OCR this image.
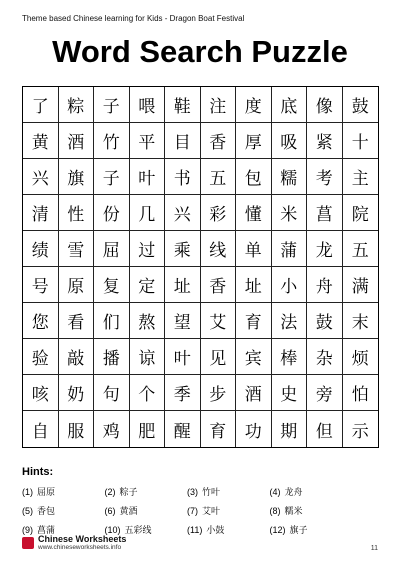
Theme based Chinese learning for Kids - Dragon Boat Festival
Word Search Puzzle
了	粽	子	喂	鞋	注	度	底	像	鼓
黄	酒	竹	平	目	香	厚	吸	紧	十
兴	旗	子	叶	书	五	包	糯	考	主
清	性	份	几	兴	彩	懂	米	菖	院
绩	雪	屈	过	乘	线	单	蒲	龙	五
号	原	复	定	址	香	址	小	舟	满
您	看	们	熬	望	艾	育	法	鼓	末
验	敲	播	谅	叶	见	宾	棒	杂	烦
咳	奶	句	个	季	步	酒	史	旁	怕
自	服	鸡	肥	醒	育	功	期	但	示
Hints:
(1) 屈原	(2) 粽子	(3) 竹叶	(4) 龙舟
(5) 香包	(6) 黄酒	(7) 艾叶	(8) 糯米
(9) 菖蒲	(10) 五彩线	(11) 小鼓	(12) 旗子
Chinese Worksheets
www.chineseworksheets.info	11
